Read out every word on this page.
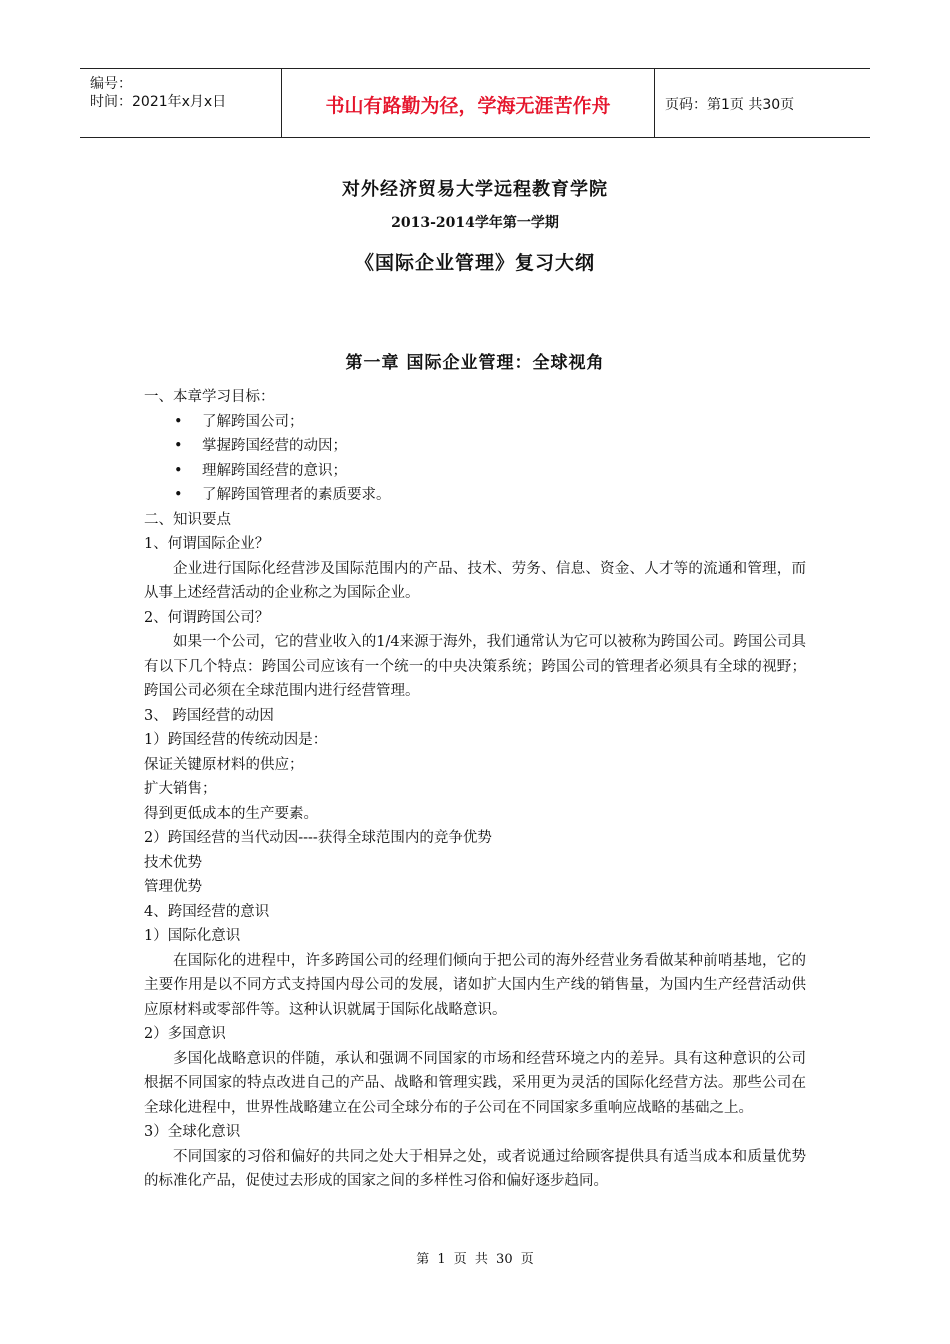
编号：
时间：2021年x月x日	书山有路勤为径，学海无涯苦作舟	页码：第1页 共30页
对外经济贸易大学远程教育学院
2013-2014学年第一学期
《国际企业管理》复习大纲
第一章 国际企业管理：全球视角

一、本章学习目标：

• 了解跨国公司；
• 掌握跨国经营的动因；
• 理解跨国经营的意识；
• 了解跨国管理者的素质要求。

二、知识要点

1、何谓国际企业？

企业进行国际化经营涉及国际范围内的产品、技术、劳务、信息、资金、人才等的流通和管理，而从事上述经营活动的企业称之为国际企业。

2、何谓跨国公司？

如果一个公司，它的营业收入的1/4来源于海外，我们通常认为它可以被称为跨国公司。跨国公司具有以下几个特点：跨国公司应该有一个统一的中央决策系统；跨国公司的管理者必须具有全球的视野；跨国公司必须在全球范围内进行经营管理。

3、 跨国经营的动因

1）跨国经营的传统动因是：

保证关键原材料的供应；

扩大销售；

得到更低成本的生产要素。

2）跨国经营的当代动因----获得全球范围内的竞争优势

技术优势

管理优势

4、跨国经营的意识

1）国际化意识

在国际化的进程中，许多跨国公司的经理们倾向于把公司的海外经营业务看做某种前哨基地，它的主要作用是以不同方式支持国内母公司的发展，诸如扩大国内生产线的销售量，为国内生产经营活动供应原材料或零部件等。这种认识就属于国际化战略意识。

2）多国意识

多国化战略意识的伴随，承认和强调不同国家的市场和经营环境之内的差异。具有这种意识的公司根据不同国家的特点改进自己的产品、战略和管理实践，采用更为灵活的国际化经营方法。那些公司在全球化进程中，世界性战略建立在公司全球分布的子公司在不同国家多重响应战略的基础之上。

3）全球化意识

不同国家的习俗和偏好的共同之处大于相异之处，或者说通过给顾客提供具有适当成本和质量优势的标准化产品，促使过去形成的国家之间的多样性习俗和偏好逐步趋同。

第 1 页 共 30 页
